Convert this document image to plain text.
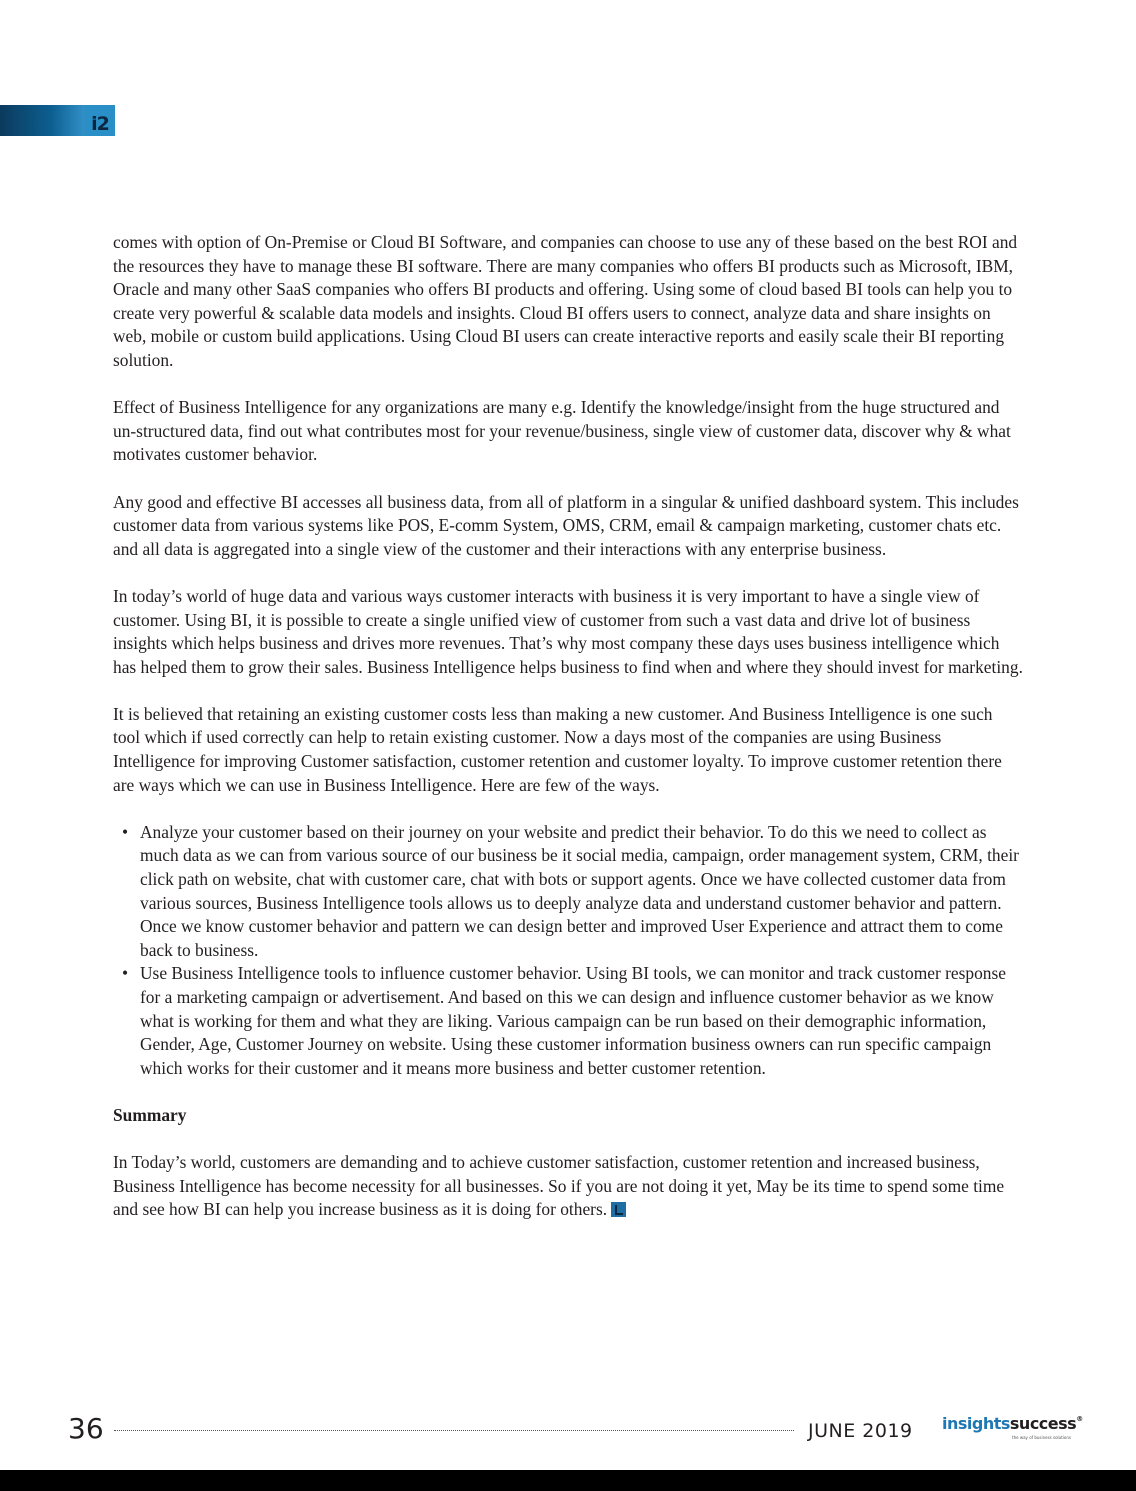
i2

comes with option of On-Premise or Cloud BI Software, and companies can choose to use any of these based on the best ROI and the resources they have to manage these BI software. There are many companies who offers BI products such as Microsoft, IBM, Oracle and many other SaaS companies who offers BI products and offering. Using some of cloud based BI tools can help you to create very powerful & scalable data models and insights. Cloud BI offers users to connect, analyze data and share insights on web, mobile or custom build applications. Using Cloud BI users can create interactive reports and easily scale their BI reporting solution.

Effect of Business Intelligence for any organizations are many e.g. Identify the knowledge/insight from the huge structured and un-structured data, find out what contributes most for your revenue/business, single view of customer data, discover why & what motivates customer behavior.

Any good and effective BI accesses all business data, from all of platform in a singular & unified dashboard system. This includes customer data from various systems like POS, E-comm System, OMS, CRM, email & campaign marketing, customer chats etc. and all data is aggregated into a single view of the customer and their interactions with any enterprise business.

In today’s world of huge data and various ways customer interacts with business it is very important to have a single view of customer. Using BI, it is possible to create a single unified view of customer from such a vast data and drive lot of business insights which helps business and drives more revenues. That’s why most company these days uses business intelligence which has helped them to grow their sales. Business Intelligence helps business to find when and where they should invest for marketing.

It is believed that retaining an existing customer costs less than making a new customer. And Business Intelligence is one such tool which if used correctly can help to retain existing customer. Now a days most of the companies are using Business Intelligence for improving Customer satisfaction, customer retention and customer loyalty. To improve customer retention there are ways which we can use in Business Intelligence. Here are few of the ways.

• Analyze your customer based on their journey on your website and predict their behavior. To do this we need to collect as much data as we can from various source of our business be it social media, campaign, order management system, CRM, their click path on website, chat with customer care, chat with bots or support agents. Once we have collected customer data from various sources, Business Intelligence tools allows us to deeply analyze data and understand customer behavior and pattern. Once we know customer behavior and pattern we can design better and improved User Experience and attract them to come back to business.
• Use Business Intelligence tools to influence customer behavior. Using BI tools, we can monitor and track customer response for a marketing campaign or advertisement. And based on this we can design and influence customer behavior as we know what is working for them and what they are liking. Various campaign can be run based on their demographic information, Gender, Age, Customer Journey on website. Using these customer information business owners can run specific campaign which works for their customer and it means more business and better customer retention.

Summary

In Today’s world, customers are demanding and to achieve customer satisfaction, customer retention and increased business, Business Intelligence has become necessity for all businesses. So if you are not doing it yet, May be its time to spend some time and see how BI can help you increase business as it is doing for others.

36	JUNE 2019 insightssuccess®
the way of business solutions
